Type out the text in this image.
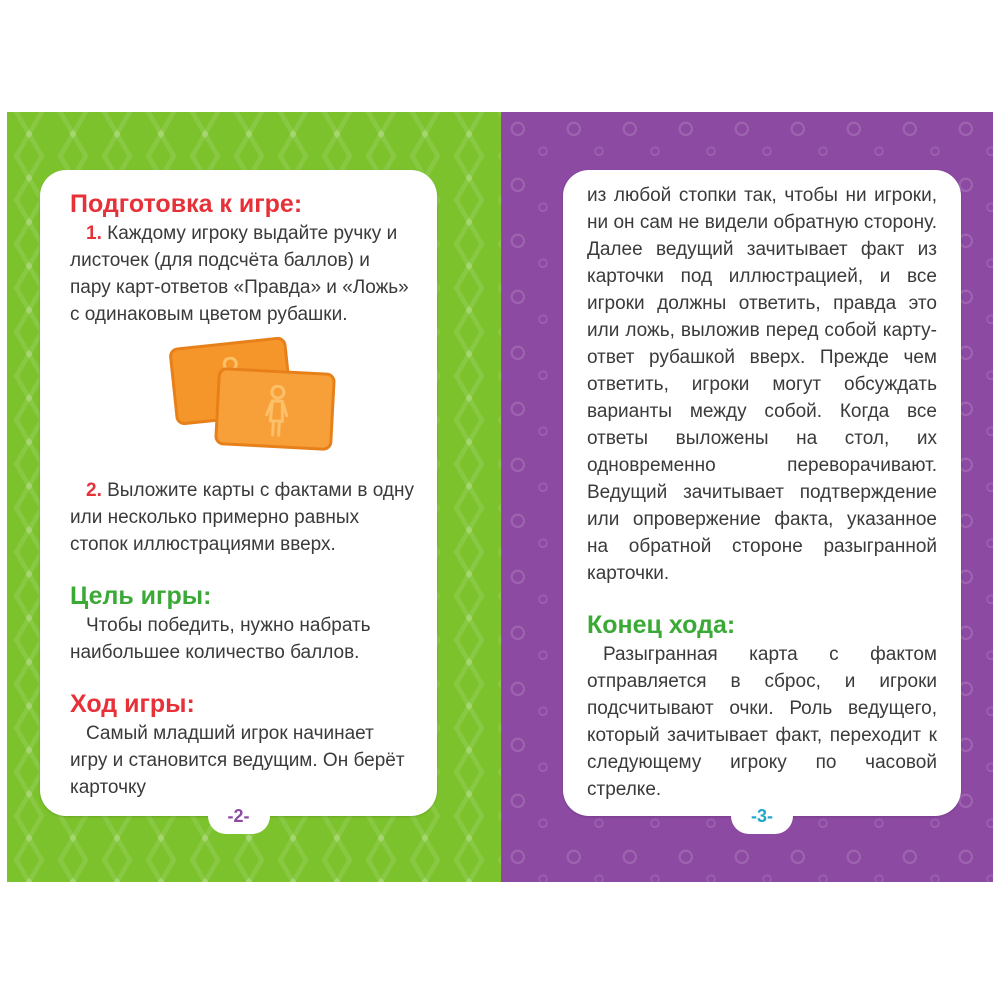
Подготовка к игре:

1. Каждому игроку выдайте ручку и листочек (для подсчёта баллов) и пару карт-ответов «Правда» и «Ложь» с одинаковым цветом рубашки.

2. Выложите карты с фактами в одну или несколько примерно равных стопок иллюстрациями вверх.

Цель игры:

Чтобы победить, нужно набрать наибольшее количество баллов.

Ход игры:

Самый младший игрок начинает игру и становится ведущим. Он берёт карточку

-2-

из любой стопки так, чтобы ни игроки, ни он сам не видели обратную сторону. Далее ведущий зачитывает факт из карточки под иллюстрацией, и все игроки должны ответить, правда это или ложь, выложив перед собой карту-ответ рубашкой вверх. Прежде чем ответить, игроки могут обсуждать варианты между собой. Когда все ответы выложены на стол, их одновременно переворачивают. Ведущий зачитывает подтверждение или опровержение факта, указанное на обратной стороне разыгранной карточки.

Конец хода:

Разыгранная карта с фактом отправляется в сброс, и игроки подсчитывают очки. Роль ведущего, который зачитывает факт, переходит к следующему игроку по часовой стрелке.

-3-
